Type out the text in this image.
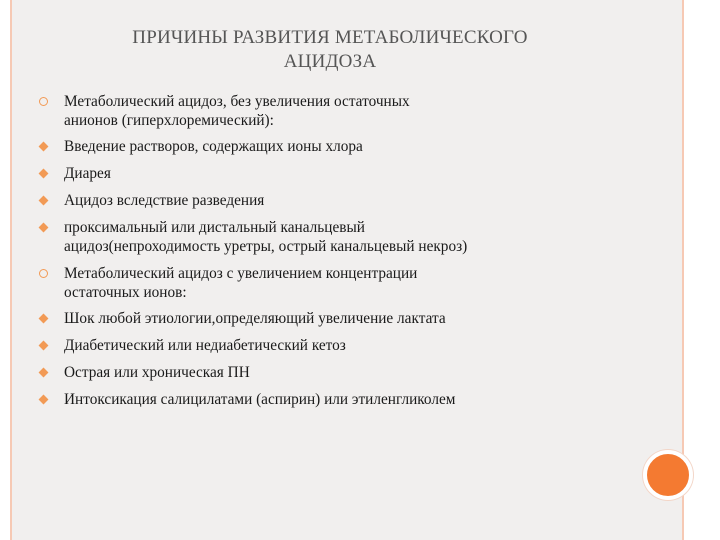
ПРИЧИНЫ РАЗВИТИЯ МЕТАБОЛИЧЕСКОГО
АЦИДОЗА
Метаболический ацидоз, без увеличения остаточных
анионов (гиперхлоремический):
Введение растворов, содержащих ионы хлора
Диарея
Ацидоз вследствие разведения
проксимальный или дистальный канальцевый
ацидоз(непроходимость уретры, острый канальцевый некроз)
Метаболический ацидоз с увеличением концентрации
остаточных ионов:
Шок любой этиологии,определяющий увеличение лактата
Диабетический или недиабетический кетоз
Острая или хроническая ПН
Интоксикация салицилатами (аспирин) или этиленгликолем
